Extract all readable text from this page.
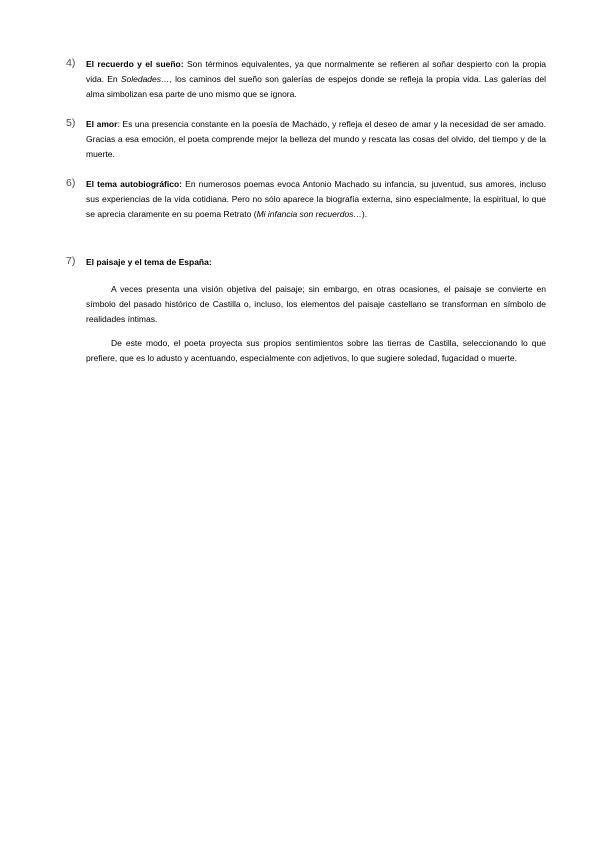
4) El recuerdo y el sueño: Son términos equivalentes, ya que normalmente se refieren al soñar despierto con la propia vida. En Soledades…, los caminos del sueño son galerías de espejos donde se refleja la propia vida. Las galerías del alma simbolizan esa parte de uno mismo que se ignora.
5) El amor: Es una presencia constante en la poesía de Machado, y refleja el deseo de amar y la necesidad de ser amado. Gracias a esa emoción, el poeta comprende mejor la belleza del mundo y rescata las cosas del olvido, del tiempo y de la muerte.
6) El tema autobiográfico: En numerosos poemas evoca Antonio Machado su infancia, su juventud, sus amores, incluso sus experiencias de la vida cotidiana. Pero no sólo aparece la biografía externa, sino especialmente, la espiritual, lo que se aprecia claramente en su poema Retrato (Mi infancia son recuerdos…).
7) El paisaje y el tema de España:
A veces presenta una visión objetiva del paisaje; sin embargo, en otras ocasiones, el paisaje se convierte en símbolo del pasado histórico de Castilla o, incluso, los elementos del paisaje castellano se transforman en símbolo de realidades íntimas.
De este modo, el poeta proyecta sus propios sentimientos sobre las tierras de Castilla, seleccionando lo que prefiere, que es lo adusto y acentuando, especialmente con adjetivos, lo que sugiere soledad, fugacidad o muerte.
